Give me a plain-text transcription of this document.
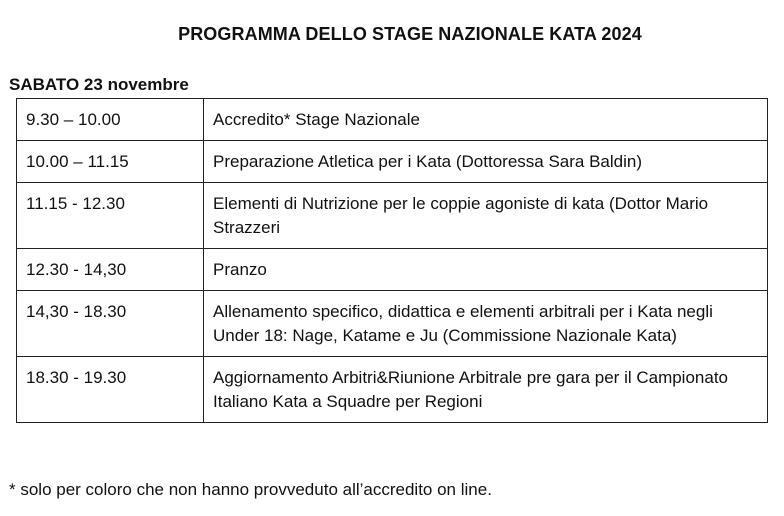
PROGRAMMA DELLO STAGE NAZIONALE KATA 2024
SABATO 23 novembre
9.30 – 10.00	Accredito* Stage Nazionale
10.00 – 11.15	Preparazione Atletica per i Kata (Dottoressa Sara Baldin)
11.15 - 12.30	Elementi di Nutrizione per le coppie agoniste di kata (Dottor Mario Strazzeri
12.30 - 14,30	Pranzo
14,30 - 18.30	Allenamento specifico, didattica e elementi arbitrali per i Kata negli Under 18: Nage, Katame e Ju (Commissione Nazionale Kata)
18.30 - 19.30	Aggiornamento Arbitri&Riunione Arbitrale pre gara per il Campionato Italiano Kata a Squadre per Regioni
* solo per coloro che non hanno provveduto all’accredito on line.
